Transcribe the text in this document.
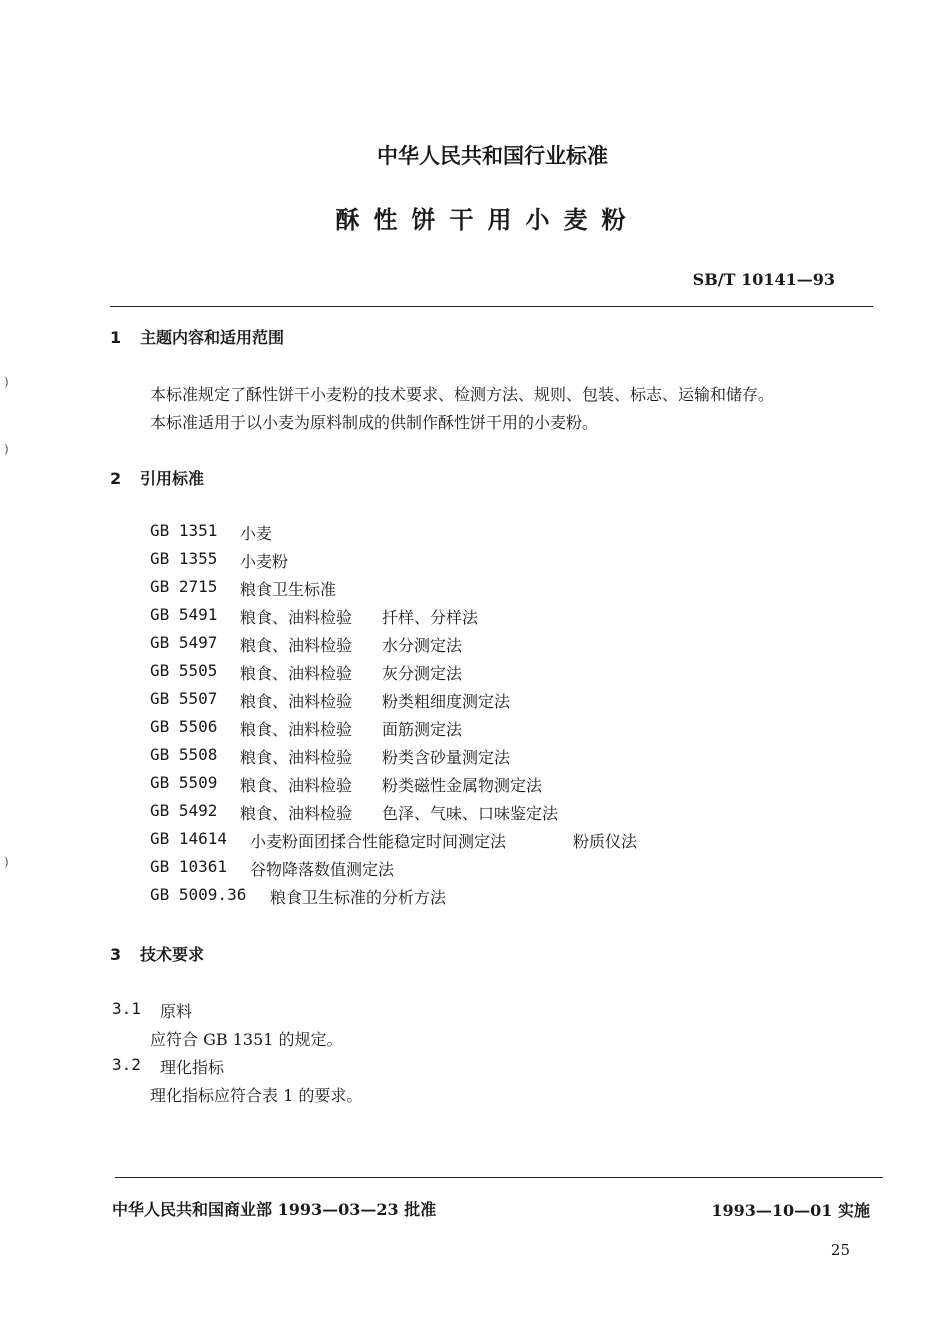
中华人民共和国行业标准
酥性饼干用小麦粉
SB/T 10141—93
1 主题内容和适用范围
本标准规定了酥性饼干小麦粉的技术要求、检测方法、规则、包装、标志、运输和储存。
本标准适用于以小麦为原料制成的供制作酥性饼干用的小麦粉。
2 引用标准
GB 1351 小麦
GB 1355 小麦粉
GB 2715 粮食卫生标准
GB 5491 粮食、油料检验 扦样、分样法
GB 5497 粮食、油料检验 水分测定法
GB 5505 粮食、油料检验 灰分测定法
GB 5507 粮食、油料检验 粉类粗细度测定法
GB 5506 粮食、油料检验 面筋测定法
GB 5508 粮食、油料检验 粉类含砂量测定法
GB 5509 粮食、油料检验 粉类磁性金属物测定法
GB 5492 粮食、油料检验 色泽、气味、口味鉴定法
GB 14614 小麦粉面团揉合性能稳定时间测定法	粉质仪法
GB 10361 谷物降落数值测定法
GB 5009.36 粮食卫生标准的分析方法
3 技术要求
3.1 原料
应符合 GB 1351 的规定。
3.2 理化指标
理化指标应符合表 1 的要求。
中华人民共和国商业部 1993—03—23 批准	1993—10—01 实施
25
)
)
)
